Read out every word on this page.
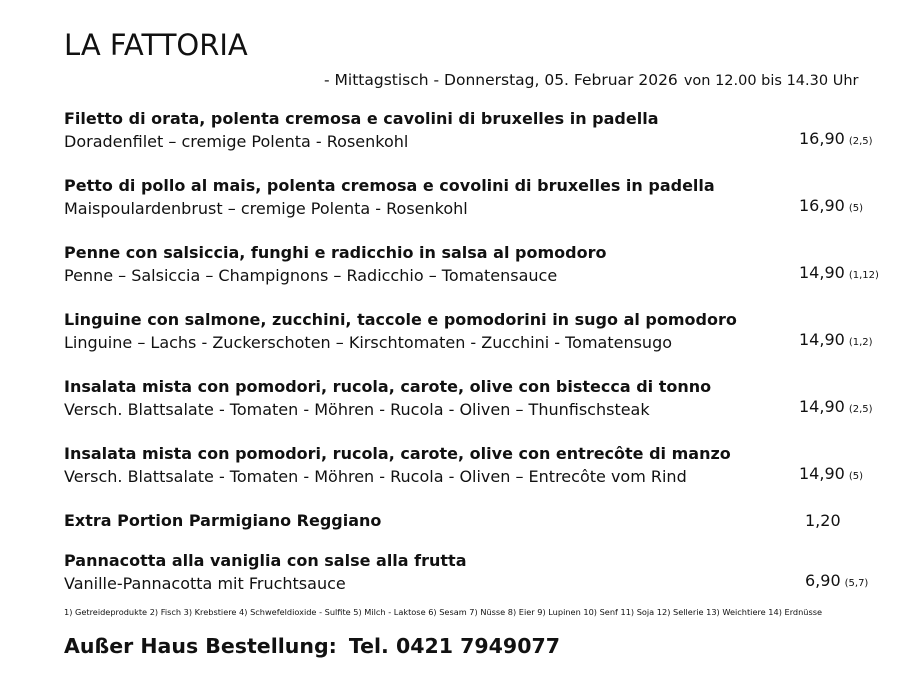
LA FATTORIA
- Mittagstisch - Donnerstag, 05. Februar 2026 von 12.00 bis 14.30 Uhr
Filetto di orata, polenta cremosa e cavolini di bruxelles in padella
Doradenfilet – cremige Polenta - Rosenkohl	16,90 (2,5)
Petto di pollo al mais, polenta cremosa e covolini di bruxelles in padella
Maispoulardenbrust – cremige Polenta - Rosenkohl	16,90 (5)
Penne con salsiccia, funghi e radicchio in salsa al pomodoro
Penne – Salsiccia – Champignons – Radicchio – Tomatensauce	14,90 (1,12)
Linguine con salmone, zucchini, taccole e pomodorini in sugo al pomodoro
Linguine – Lachs - Zuckerschoten – Kirschtomaten - Zucchini - Tomatensugo	14,90 (1,2)
Insalata mista con pomodori, rucola, carote, olive con bistecca di tonno
Versch. Blattsalate - Tomaten - Möhren - Rucola - Oliven – Thunfischsteak	14,90 (2,5)
Insalata mista con pomodori, rucola, carote, olive con entrecôte di manzo
Versch. Blattsalate - Tomaten - Möhren - Rucola - Oliven – Entrecôte vom Rind	14,90 (5)
Extra Portion Parmigiano Reggiano	1,20
Pannacotta alla vaniglia con salse alla frutta
Vanille-Pannacotta mit Fruchtsauce	6,90 (5,7)
1) Getreideprodukte 2) Fisch 3) Krebstiere 4) Schwefeldioxide - Sulfite 5) Milch - Laktose 6) Sesam 7) Nüsse 8) Eier 9) Lupinen 10) Senf 11) Soja 12) Sellerie 13) Weichtiere 14) Erdnüsse
Außer Haus Bestellung: Tel. 0421 7949077
